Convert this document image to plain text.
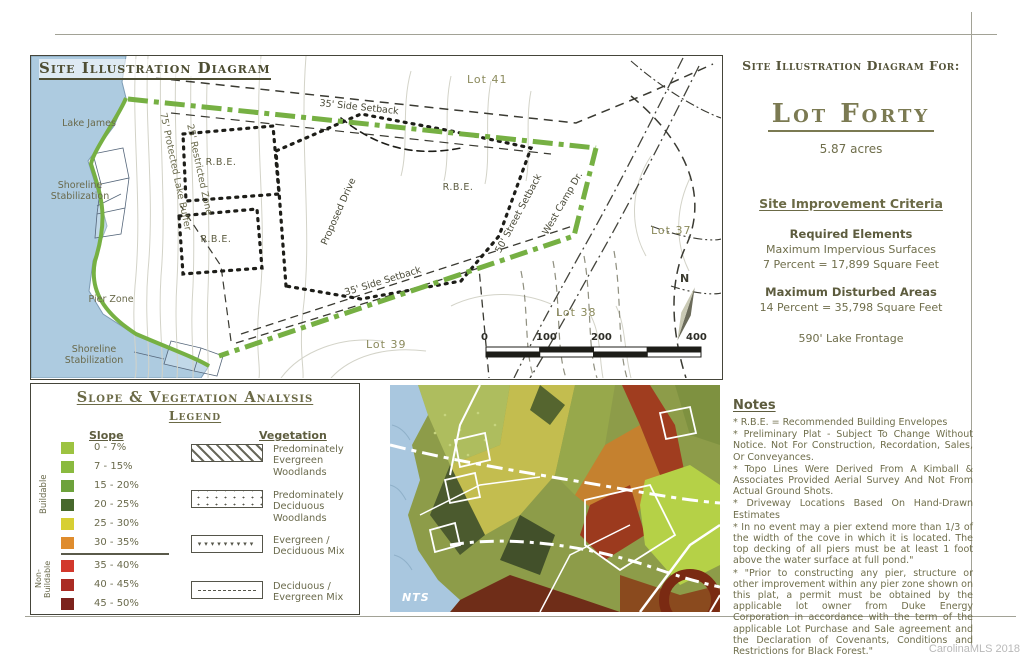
Site Illustration Diagram
Lake James
Shoreline Stabilization
Pier Zone
Shoreline Stabilization
75' Protected Lake Buffer
25' Restricted Zone
R.B.E.
R.B.E.
R.B.E.
Proposed Drive
35' Side Setback
35' Side Setback
50' Street Setback
West Camp Dr.
Lot 41
Lot 37
Lot 38
Lot 39
N
0	100	200	400
Site Illustration Diagram For:
Lot Forty
5.87 acres
Site Improvement Criteria
Required Elements
Maximum Impervious Surfaces
7 Percent = 17,899 Square Feet
Maximum Disturbed Areas
14 Percent = 35,798 Square Feet
590' Lake Frontage
Notes
* R.B.E. = Recommended Building Envelopes
* Preliminary Plat - Subject To Change Without Notice. Not For Construction, Recordation, Sales, Or Conveyances.
* Topo Lines Were Derived From A Kimball & Associates Provided Aerial Survey And Not From Actual Ground Shots.
* Driveway Locations Based On Hand-Drawn Estimates
* In no event may a pier extend more than 1/3 of the width of the cove in which it is located. The top decking of all piers must be at least 1 foot above the water surface at full pond."
* "Prior to constructing any pier, structure or other improvement within any pier zone shown on this plat, a permit must be obtained by the applicable lot owner from Duke Energy Corporation in accordance with the term of the applicable Lot Purchase and Sale agreement and the Declaration of Covenants, Conditions and Restrictions for Black Forest."
Slope & Vegetation Analysis
Legend
Slope	Vegetation
Buildable
Non-Buildable
0 - 7%
7 - 15%
15 - 20%
20 - 25%
25 - 30%
30 - 35%
35 - 40%
40 - 45%
45 - 50%
Predominately Evergreen Woodlands
Predominately Deciduous Woodlands
▾▾▾▾▾▾▾▾▾	Evergreen / Deciduous Mix
Deciduous / Evergreen Mix	NTS
CarolinaMLS 2018
